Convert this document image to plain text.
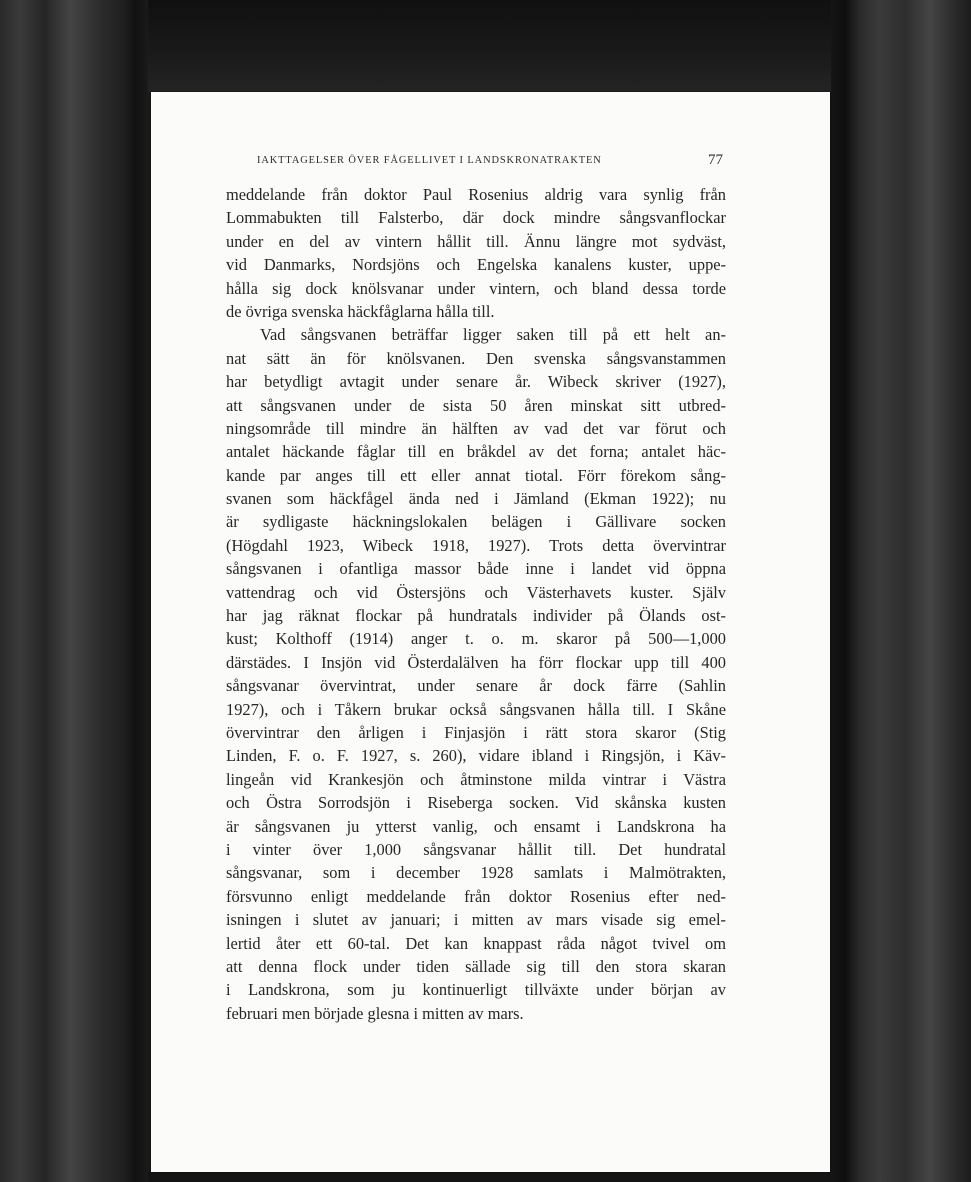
IAKTTAGELSER ÖVER FÅGELLIVET I LANDSKRONATRAKTEN	77
meddelande från doktor Paul Rosenius aldrig vara synlig från
Lommabukten till Falsterbo, där dock mindre sångsvanflockar
under en del av vintern hållit till. Ännu längre mot sydväst,
vid Danmarks, Nordsjöns och Engelska kanalens kuster, uppe-
hålla sig dock knölsvanar under vintern, och bland dessa torde
de övriga svenska häckfåglarna hålla till.
Vad sångsvanen beträffar ligger saken till på ett helt an-
nat sätt än för knölsvanen. Den svenska sångsvanstammen
har betydligt avtagit under senare år. Wibeck skriver (1927),
att sångsvanen under de sista 50 åren minskat sitt utbred-
ningsområde till mindre än hälften av vad det var förut och
antalet häckande fåglar till en bråkdel av det forna; antalet häc-
kande par anges till ett eller annat tiotal. Förr förekom sång-
svanen som häckfågel ända ned i Jämland (Ekman 1922); nu
är sydligaste häckningslokalen belägen i Gällivare socken
(Högdahl 1923, Wibeck 1918, 1927). Trots detta övervintrar
sångsvanen i ofantliga massor både inne i landet vid öppna
vattendrag och vid Östersjöns och Västerhavets kuster. Själv
har jag räknat flockar på hundratals individer på Ölands ost-
kust; Kolthoff (1914) anger t. o. m. skaror på 500—1,000
därstädes. I Insjön vid Österdalälven ha förr flockar upp till 400
sångsvanar övervintrat, under senare år dock färre (Sahlin
1927), och i Tåkern brukar också sångsvanen hålla till. I Skåne
övervintrar den årligen i Finjasjön i rätt stora skaror (Stig
Linden, F. o. F. 1927, s. 260), vidare ibland i Ringsjön, i Käv-
lingeån vid Krankesjön och åtminstone milda vintrar i Västra
och Östra Sorrodsjön i Riseberga socken. Vid skånska kusten
är sångsvanen ju ytterst vanlig, och ensamt i Landskrona ha
i vinter över 1,000 sångsvanar hållit till. Det hundratal
sångsvanar, som i december 1928 samlats i Malmötrakten,
försvunno enligt meddelande från doktor Rosenius efter ned-
isningen i slutet av januari; i mitten av mars visade sig emel-
lertid åter ett 60-tal. Det kan knappast råda något tvivel om
att denna flock under tiden sällade sig till den stora skaran
i Landskrona, som ju kontinuerligt tillväxte under början av
februari men började glesna i mitten av mars.
